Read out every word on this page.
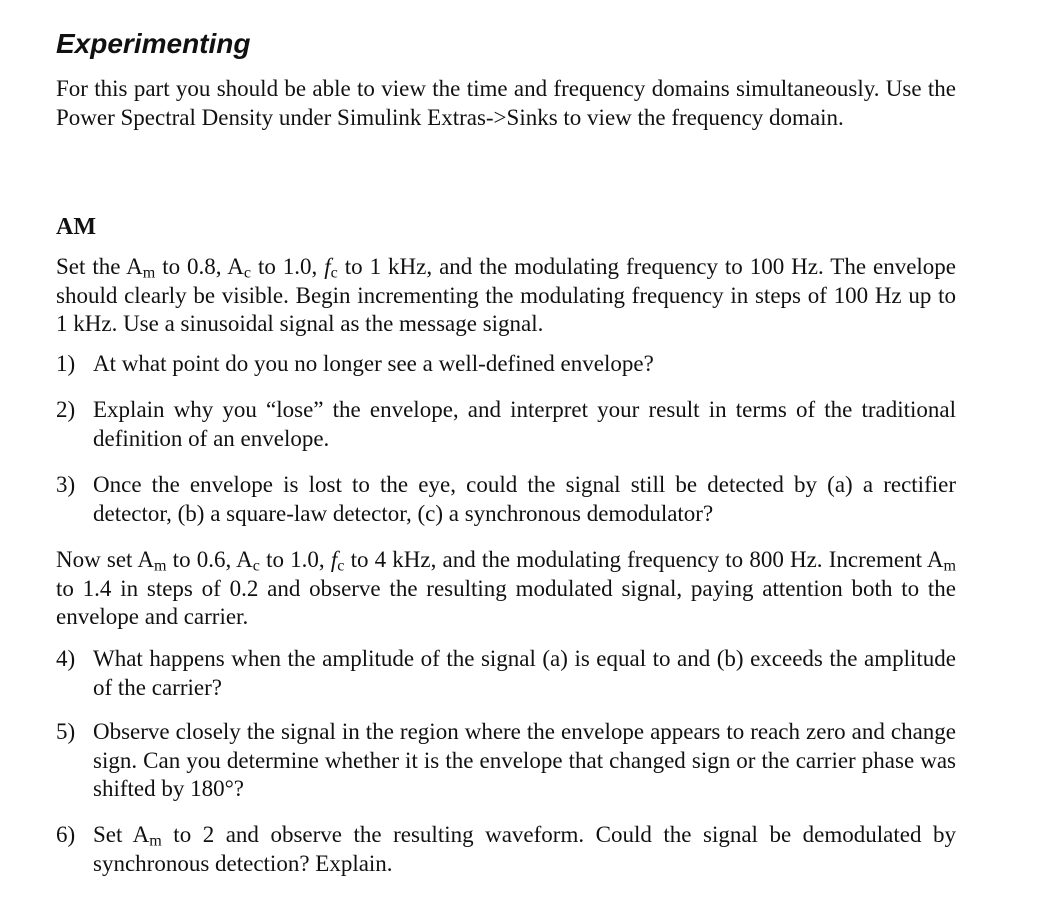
Experimenting

For this part you should be able to view the time and frequency domains simultaneously. Use the Power Spectral Density under Simulink Extras->Sinks to view the frequency domain.

AM

Set the $A_m$ to 0.8, $A_c$ to 1.0, $f_c$ to 1 kHz, and the modulating frequency to 100 Hz. The envelope should clearly be visible. Begin incrementing the modulating frequency in steps of 100 Hz up to 1 kHz. Use a sinusoidal signal as the message signal.

1) At what point do you no longer see a well-defined envelope?
2) Explain why you “lose” the envelope, and interpret your result in terms of the traditional definition of an envelope.
3) Once the envelope is lost to the eye, could the signal still be detected by (a) a rectifier detector, (b) a square-law detector, (c) a synchronous demodulator?

Now set $A_m$ to 0.6, $A_c$ to 1.0, $f_c$ to 4 kHz, and the modulating frequency to 800 Hz. Increment $A_m$ to 1.4 in steps of 0.2 and observe the resulting modulated signal, paying attention both to the envelope and carrier.

4) What happens when the amplitude of the signal (a) is equal to and (b) exceeds the amplitude of the carrier?
5) Observe closely the signal in the region where the envelope appears to reach zero and change sign. Can you determine whether it is the envelope that changed sign or the carrier phase was shifted by 180°?
6) Set $A_m$ to 2 and observe the resulting waveform. Could the signal be demodulated by synchronous detection? Explain.
